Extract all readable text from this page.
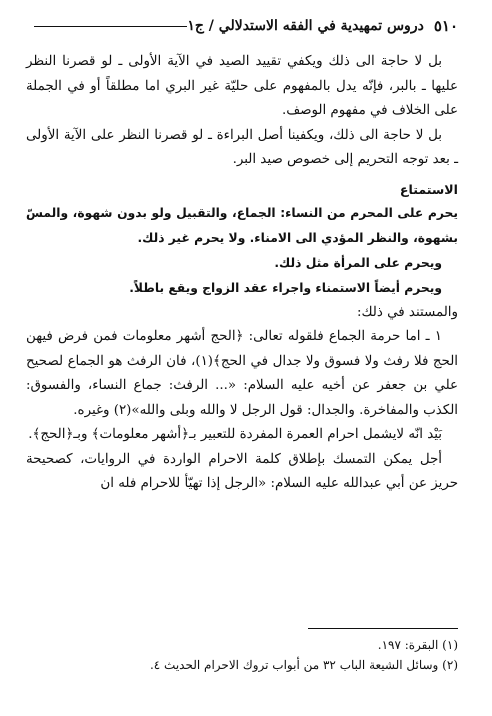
٥١٠
دروس تمهيدية في الفقه الاستدلالي / ج١

بل لا حاجة الى ذلك ويكفي تقييد الصيد في الآية الأولى ـ لو قصرنا النظر عليها ـ بالبر، فإنّه يدل بالمفهوم على حليّة غير البري اما مطلقاً أو في الجملة على الخلاف في مفهوم الوصف.

بل لا حاجة الى ذلك، ويكفينا أصل البراءة ـ لو قصرنا النظر على الآية الأولى ـ بعد توجه التحريم إلى خصوص صيد البر.

الاستمتاع

يحرم على المحرم من النساء: الجماع، والتقبيل ولو بدون شهوة، والمسّ بشهوة، والنظر المؤدي الى الامناء. ولا يحرم غير ذلك.

ويحرم على المرأة مثل ذلك.

ويحرم أيضاً الاستمناء واجراء عقد الزواج ويقع باطلاً.

والمستند في ذلك:

١ ـ اما حرمة الجماع فلقوله تعالى: ﴿الحج أشهر معلومات فمن فرض فيهن الحج فلا رفث ولا فسوق ولا جدال في الحج﴾(١)، فان الرفث هو الجماع لصحيح علي بن جعفر عن أخيه عليه السلام: «... الرفث: جماع النساء، والفسوق: الكذب والمفاخرة. والجدال: قول الرجل لا والله وبلى والله»(٢) وغيره.

بَيْد انّه لايشمل احرام العمرة المفردة للتعبير بـ﴿أشهر معلومات﴾ وبـ﴿الحج﴾.

أجل يمكن التمسك بإطلاق كلمة الاحرام الواردة في الروايات، كصحيحة حريز عن أبي عبدالله عليه السلام: «الرجل إذا تهيّأ للاحرام فله ان

(١) البقرة: ١٩٧.

(٢) وسائل الشيعة الباب ٣٢ من أبواب تروك الاحرام الحديث ٤.
